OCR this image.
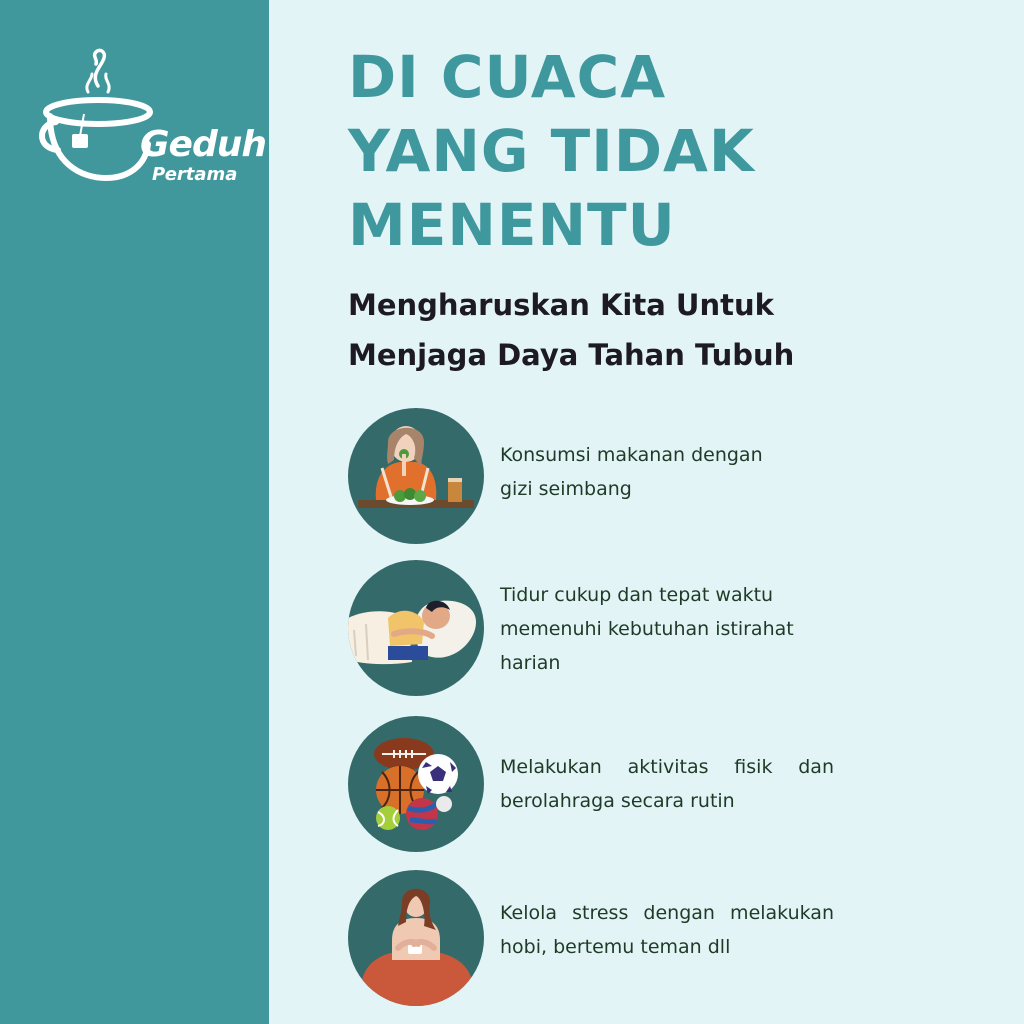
Geduh
Pertama
DI CUACA
YANG TIDAK
MENENTU
Mengharuskan Kita Untuk
Menjaga Daya Tahan Tubuh
Konsumsi makanan dengan
gizi seimbang
Tidur cukup dan tepat waktu
memenuhi kebutuhan istirahat
harian
Melakukan aktivitas fisik dan
berolahraga secara rutin
Kelola stress dengan melakukan
hobi, bertemu teman dll
